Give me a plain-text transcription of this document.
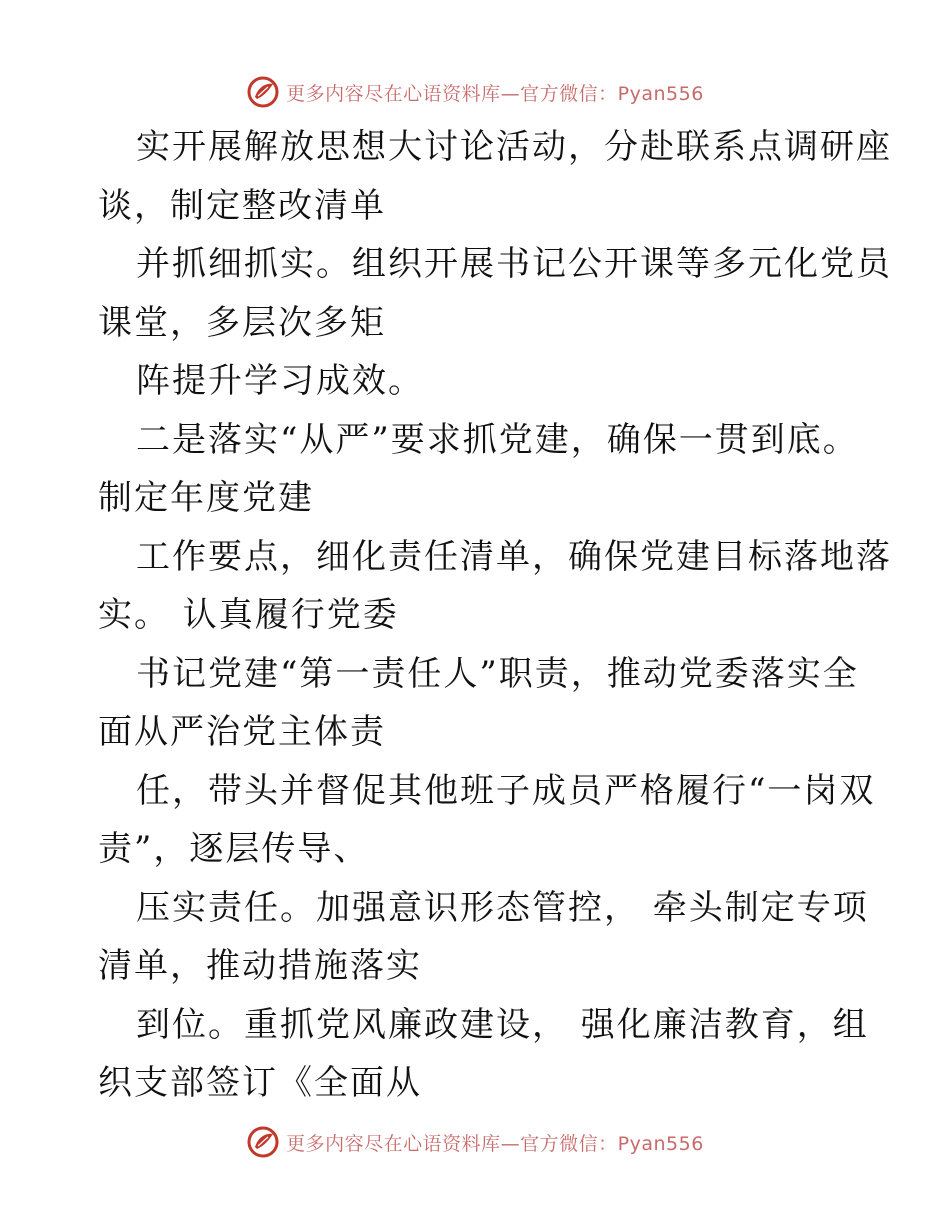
更多内容尽在心语资料库—官方微信：Pyan556
实开展解放思想大讨论活动，分赴联系点调研座
谈，制定整改清单
并抓细抓实。组织开展书记公开课等多元化党员
课堂，多层次多矩
阵提升学习成效。
二是落实“从严”要求抓党建，确保一贯到底。
制定年度党建
工作要点，细化责任清单，确保党建目标落地落
实。 认真履行党委
书记党建“第一责任人”职责，推动党委落实全
面从严治党主体责
任，带头并督促其他班子成员严格履行“一岗双
责”，逐层传导、
压实责任。加强意识形态管控， 牵头制定专项
清单，推动措施落实
到位。重抓党风廉政建设， 强化廉洁教育，组
织支部签订《全面从
更多内容尽在心语资料库—官方微信：Pyan556
